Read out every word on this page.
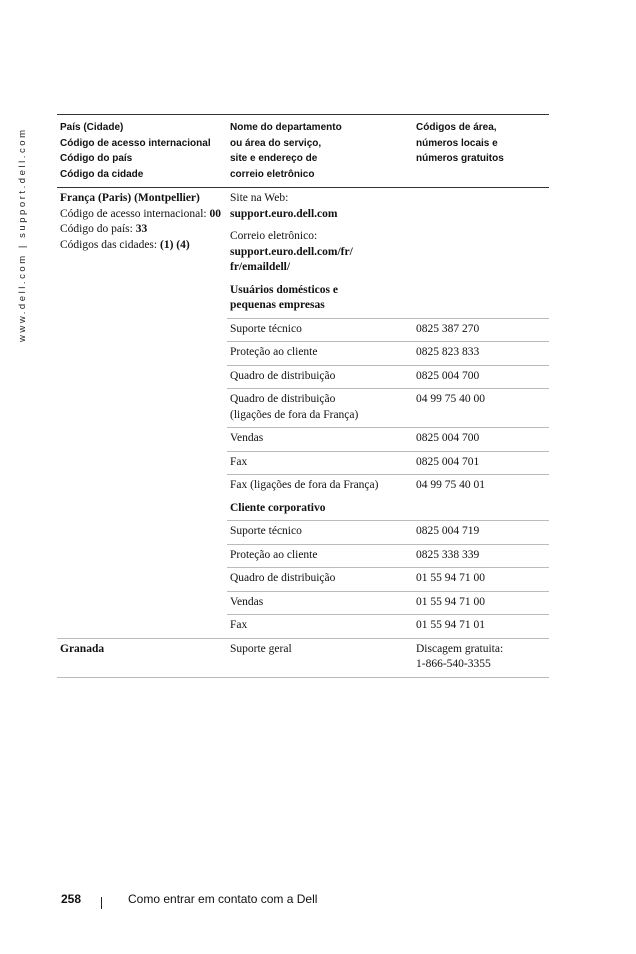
www.dell.com | support.dell.com
País (Cidade)
Código de acesso internacional
Código do país
Código da cidade	Nome do departamento
ou área do serviço,
site e endereço de
correio eletrônico	Códigos de área,
números locais e
números gratuitos

França (Paris) (Montpellier)
Código de acesso internacional: 00
Código do país: 33
Códigos das cidades: (1) (4)	Site na Web:
support.euro.dell.com	

	Correio eletrônico:
support.euro.dell.com/fr/
fr/emaildell/	

	Usuários domésticos e
pequenas empresas	

	Suporte técnico	0825 387 270
	Proteção ao cliente	0825 823 833
	Quadro de distribuição	0825 004 700

	Quadro de distribuição
(ligações de fora da França)	04 99 75 40 00
	Vendas	0825 004 700
	Fax	0825 004 701
	Fax (ligações de fora da França)	04 99 75 40 01
	Cliente corporativo	
	Suporte técnico	0825 004 719
	Proteção ao cliente	0825 338 339
	Quadro de distribuição	01 55 94 71 00
	Vendas	01 55 94 71 00
	Fax	01 55 94 71 01

Granada	Suporte geral	Discagem gratuita:
1-866-540-3355
258	Como entrar em contato com a Dell
